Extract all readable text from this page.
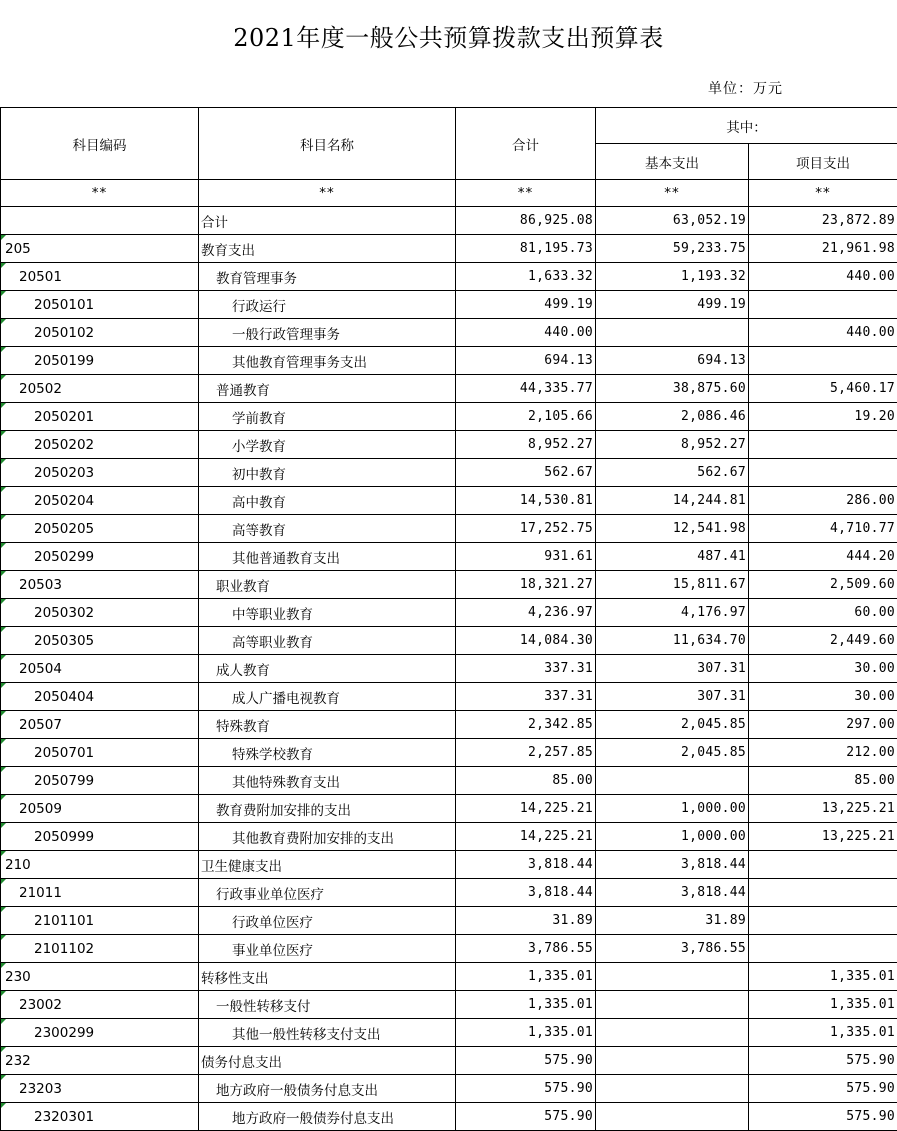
2021年度一般公共预算拨款支出预算表
单位：万元
科目编码	科目名称	合计	其中：	
			基本支出	项目支出
**	**	**	**	**
	合计	86,925.08	63,052.19	23,872.89
205	教育支出	81,195.73	59,233.75	21,961.98
20501	教育管理事务	1,633.32	1,193.32	440.00
2050101	行政运行	499.19	499.19	
2050102	一般行政管理事务	440.00		440.00
2050199	其他教育管理事务支出	694.13	694.13	
20502	普通教育	44,335.77	38,875.60	5,460.17
2050201	学前教育	2,105.66	2,086.46	19.20
2050202	小学教育	8,952.27	8,952.27	
2050203	初中教育	562.67	562.67	
2050204	高中教育	14,530.81	14,244.81	286.00
2050205	高等教育	17,252.75	12,541.98	4,710.77
2050299	其他普通教育支出	931.61	487.41	444.20
20503	职业教育	18,321.27	15,811.67	2,509.60
2050302	中等职业教育	4,236.97	4,176.97	60.00
2050305	高等职业教育	14,084.30	11,634.70	2,449.60
20504	成人教育	337.31	307.31	30.00
2050404	成人广播电视教育	337.31	307.31	30.00
20507	特殊教育	2,342.85	2,045.85	297.00
2050701	特殊学校教育	2,257.85	2,045.85	212.00
2050799	其他特殊教育支出	85.00		85.00
20509	教育费附加安排的支出	14,225.21	1,000.00	13,225.21
2050999	其他教育费附加安排的支出	14,225.21	1,000.00	13,225.21
210	卫生健康支出	3,818.44	3,818.44	
21011	行政事业单位医疗	3,818.44	3,818.44	
2101101	行政单位医疗	31.89	31.89	
2101102	事业单位医疗	3,786.55	3,786.55	
230	转移性支出	1,335.01		1,335.01
23002	一般性转移支付	1,335.01		1,335.01
2300299	其他一般性转移支付支出	1,335.01		1,335.01
232	债务付息支出	575.90		575.90
23203	地方政府一般债务付息支出	575.90		575.90
2320301	地方政府一般债券付息支出	575.90		575.90
